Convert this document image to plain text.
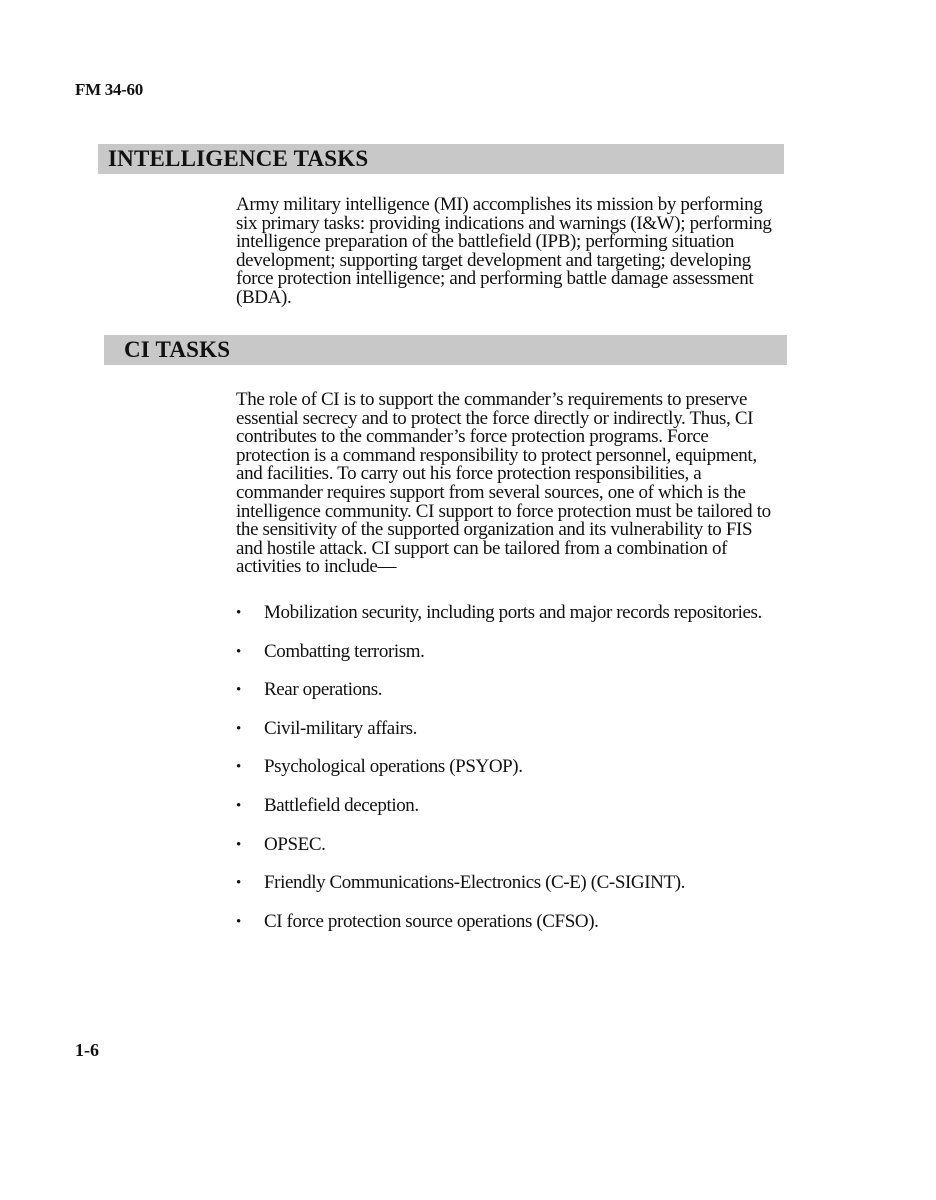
FM 34-60
INTELLIGENCE TASKS

Army military intelligence (MI) accomplishes its mission by performing six primary tasks: providing indications and warnings (I&W); performing intelligence preparation of the battlefield (IPB); performing situation development; supporting target development and targeting; developing force protection intelligence; and performing battle damage assessment (BDA).

CI TASKS

The role of CI is to support the commander’s requirements to preserve essential secrecy and to protect the force directly or indirectly. Thus, CI contributes to the commander’s force protection programs. Force protection is a command responsibility to protect personnel, equipment, and facilities. To carry out his force protection responsibilities, a commander requires support from several sources, one of which is the intelligence community. CI support to force protection must be tailored to the sensitivity of the supported organization and its vulnerability to FIS and hostile attack. CI support can be tailored from a combination of activities to include—

• Mobilization security, including ports and major records repositories.
• Combatting terrorism.
• Rear operations.
• Civil-military affairs.
• Psychological operations (PSYOP).
• Battlefield deception.
• OPSEC.
• Friendly Communications-Electronics (C-E) (C-SIGINT).
• CI force protection source operations (CFSO).
1-6
